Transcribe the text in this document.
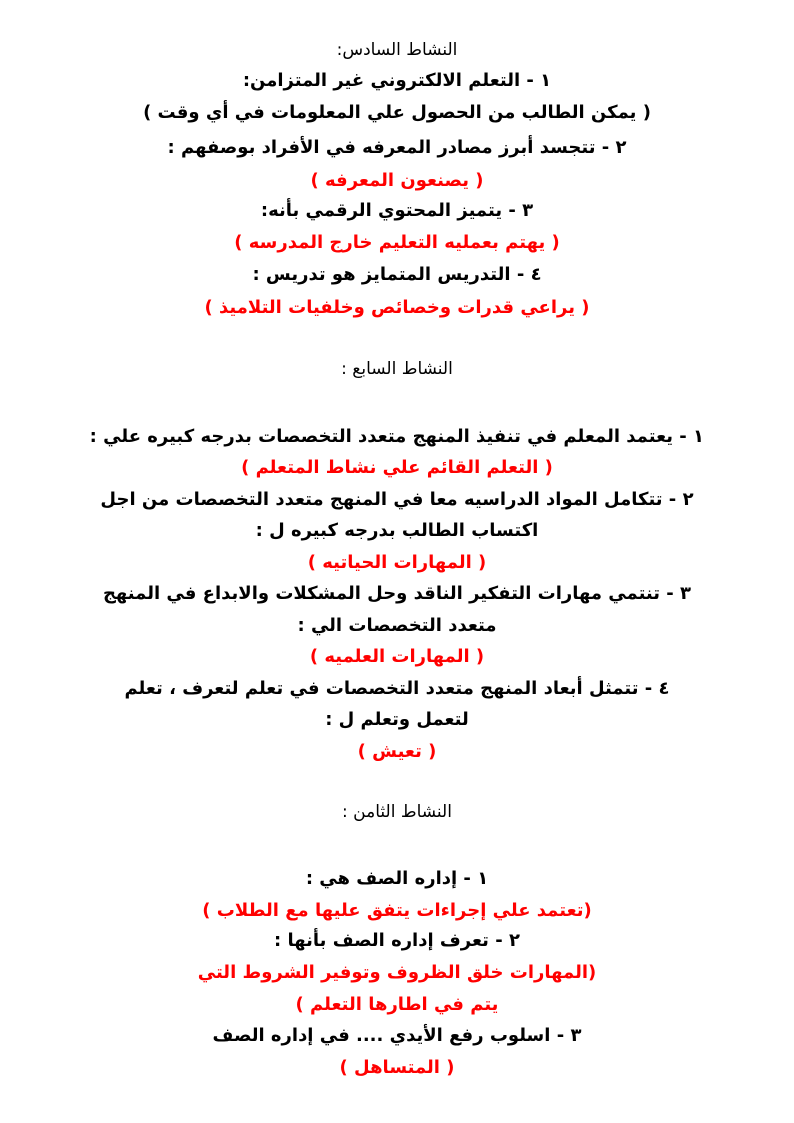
النشاط السادس:
١ - التعلم الالكتروني غير المتزامن:
( يمكن الطالب من الحصول علي المعلومات في أي وقت )
٢ - تتجسد أبرز مصادر المعرفه في الأفراد بوصفهم :
( يصنعون المعرفه )
٣ - يتميز المحتوي الرقمي بأنه:
( يهتم بعمليه التعليم خارج المدرسه )
٤ - التدريس المتمايز هو تدريس :
( يراعي قدرات وخصائص وخلفيات التلاميذ )
النشاط السابع :
١ - يعتمد المعلم في تنفيذ المنهج متعدد التخصصات بدرجه كبيره علي :
( التعلم القائم علي نشاط المتعلم )
٢ - تتكامل المواد الدراسيه معا في المنهج متعدد التخصصات من اجل
اكتساب الطالب بدرجه كبيره ل :
( المهارات الحياتيه )
٣ - تنتمي مهارات التفكير الناقد وحل المشكلات والابداع في المنهج
متعدد التخصصات الي :
( المهارات العلميه )
٤ - تتمثل أبعاد المنهج متعدد التخصصات في تعلم لتعرف ، تعلم
لتعمل وتعلم ل :
( تعيش )
النشاط الثامن :
١ - إداره الصف هي :
(تعتمد علي إجراءات يتفق عليها مع الطلاب )
٢ - تعرف إداره الصف بأنها :
(المهارات خلق الظروف وتوفير الشروط التي
يتم في اطارها التعلم )
٣ - اسلوب رفع الأيدي .... في إداره الصف
( المتساهل )
